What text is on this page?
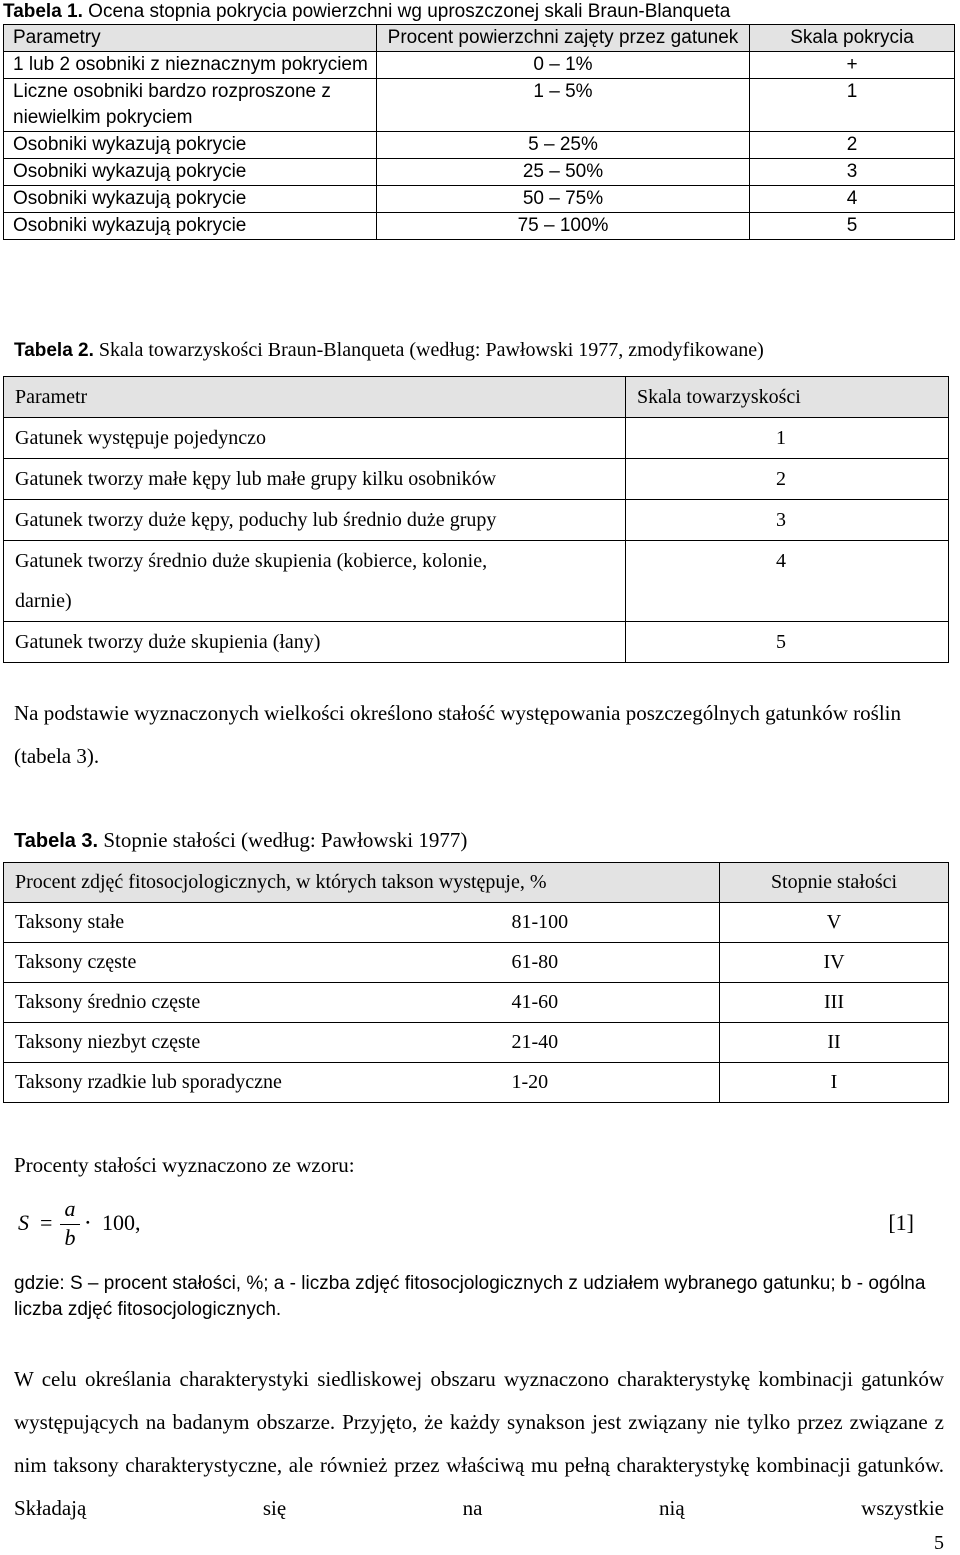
Tabela 1. Ocena stopnia pokrycia powierzchni wg uproszczonej skali Braun-Blanqueta
Parametry	Procent powierzchni zajęty przez gatunek	Skala pokrycia
1 lub 2 osobniki z nieznacznym pokryciem	0 – 1%	+
Liczne osobniki bardzo rozproszone z niewielkim pokryciem	1 – 5%	1
Osobniki wykazują pokrycie	5 – 25%	2
Osobniki wykazują pokrycie	25 – 50%	3
Osobniki wykazują pokrycie	50 – 75%	4
Osobniki wykazują pokrycie	75 – 100%	5
Tabela 2. Skala towarzyskości Braun-Blanqueta (według: Pawłowski 1977, zmodyfikowane)
Parametr	Skala towarzyskości
Gatunek występuje pojedynczo	1
Gatunek tworzy małe kępy lub małe grupy kilku osobników	2
Gatunek tworzy duże kępy, poduchy lub średnio duże grupy	3
Gatunek tworzy średnio duże skupienia (kobierce, kolonie, darnie)	4
Gatunek tworzy duże skupienia (łany)	5
Na podstawie wyznaczonych wielkości określono stałość występowania poszczególnych gatunków roślin (tabela 3).
Tabela 3. Stopnie stałości (według: Pawłowski 1977)
Procent zdjęć fitosocjologicznych, w których takson występuje, %		Stopnie stałości
Taksony stałe	81-100	V
Taksony częste	61-80	IV
Taksony średnio częste	41-60	III
Taksony niezbyt częste	21-40	II
Taksony rzadkie lub sporadyczne	1-20	I
Procenty stałości wyznaczono ze wzoru:
S =
a
b
⋅ 100,	[1]
gdzie: S – procent stałości, %; a - liczba zdjęć fitosocjologicznych z udziałem wybranego gatunku; b - ogólna liczba zdjęć fitosocjologicznych.
W celu określania charakterystyki siedliskowej obszaru wyznaczono charakterystykę kombinacji gatunków występujących na badanym obszarze. Przyjęto, że każdy synakson jest związany nie tylko przez związane z nim taksony charakterystyczne, ale również przez właściwą mu pełną charakterystykę kombinacji gatunków. Składają się na nią wszystkie
5
